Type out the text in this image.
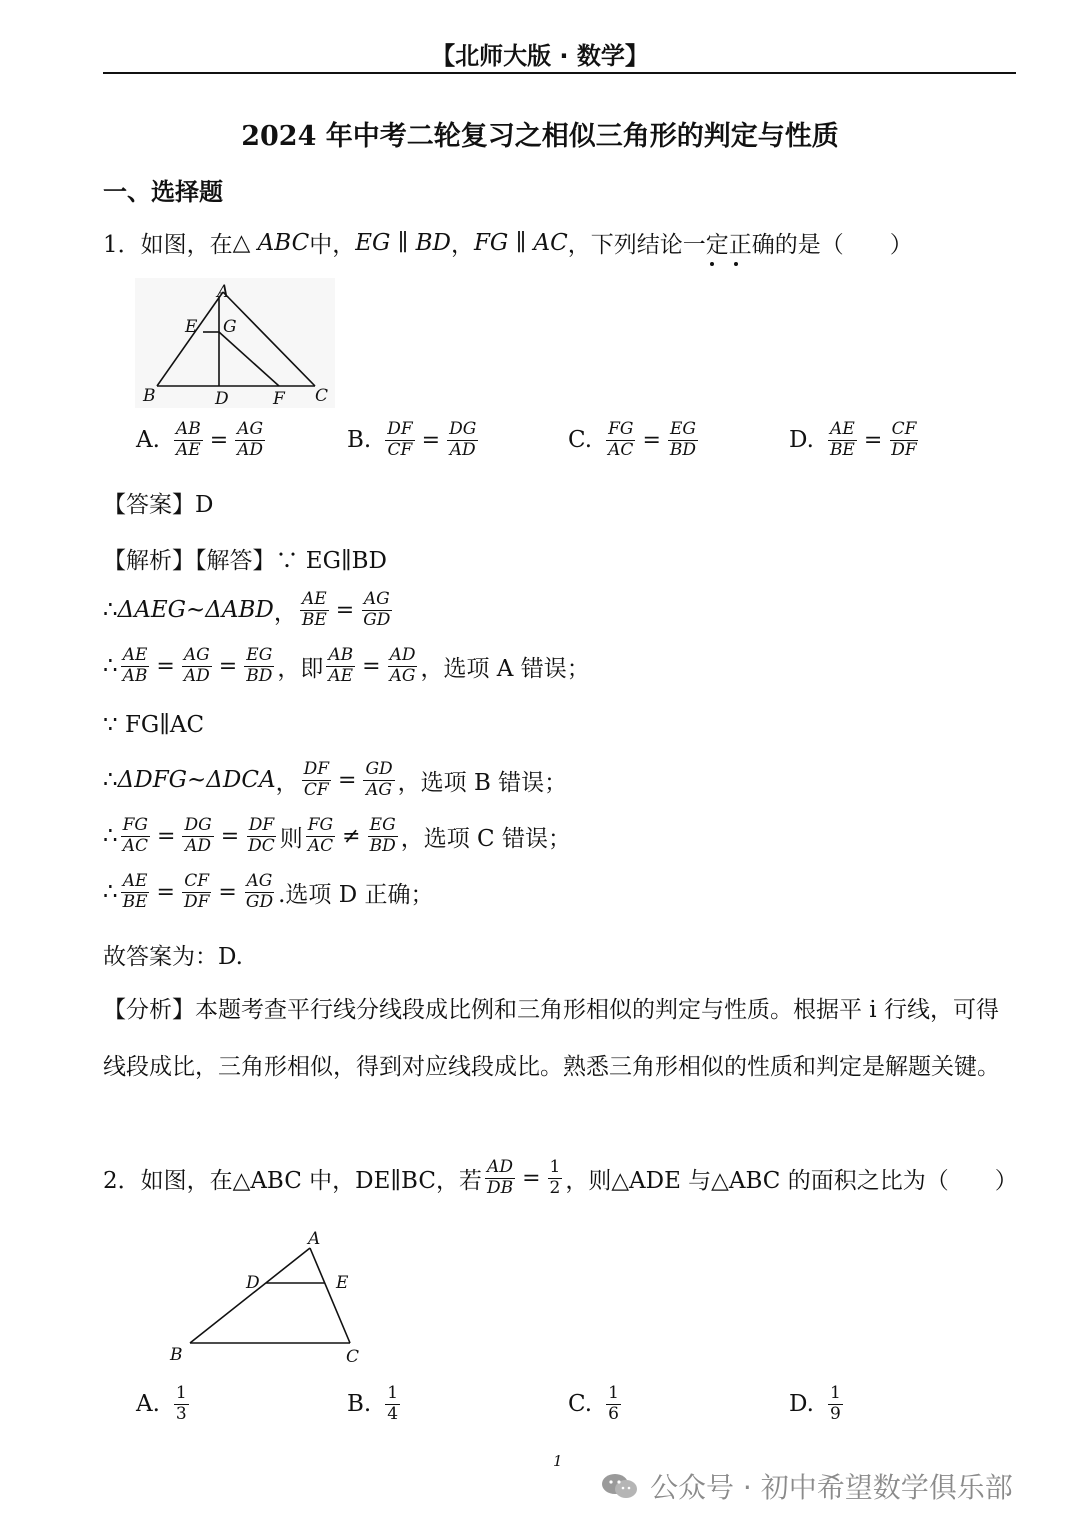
【北师大版 · 数学】
2024 年中考二轮复习之相似三角形的判定与性质
一、选择题
1．如图，在 △ ABC 中， EG ∥ BD ， FG ∥ AC ，下列结论一定正确的是（　　）
A
E G
B	D	F C
A. $\frac{AB}{AE} = \frac{AG}{AD}$	B. $\frac{DF}{CF} = \frac{DG}{AD}$	C. $\frac{FG}{AC} = \frac{EG}{BD}$	D. $\frac{AE}{BE} = \frac{CF}{DF}$
【答案】D
【解析】【解答】∵ EG∥BD
∴ ΔAEG~ΔABD ， $\frac{AE}{BE} = \frac{AG}{GD}$
∴ $\frac{AE}{AB} = \frac{AG}{AD} = \frac{EG}{BD}$ ，即 $\frac{AB}{AE} = \frac{AD}{AG}$ ，选项 A 错误；
∵ FG∥AC
∴ ΔDFG~ΔDCA ， $\frac{DF}{CF} = \frac{GD}{AG}$ ，选项 B 错误；
∴ $\frac{FG}{AC} = \frac{DG}{AD} = \frac{DF}{DC}$ 则 $\frac{FG}{AC} \ne \frac{EG}{BD}$ ，选项 C 错误；
∴ $\frac{AE}{BE} = \frac{CF}{DF} = \frac{AG}{GD}$ .选项 D 正确；
故答案为：D.
【分析】本题考查平行线分线段成比例和三角形相似的判定与性质。根据平 i 行线，可得线段成比，三角形相似，得到对应线段成比。熟悉三角形相似的性质和判定是解题关键。
2．如图，在△ABC 中，DE∥BC，若 $\frac{AD}{DB} = \frac{1}{2}$ ，则△ADE 与△ABC 的面积之比为（　　）
A
D	E
B	C
A. $\frac{1}{3}$	B. $\frac{1}{4}$	C. $\frac{1}{6}$	D. $\frac{1}{9}$
1
公众号 · 初中希望数学俱乐部
